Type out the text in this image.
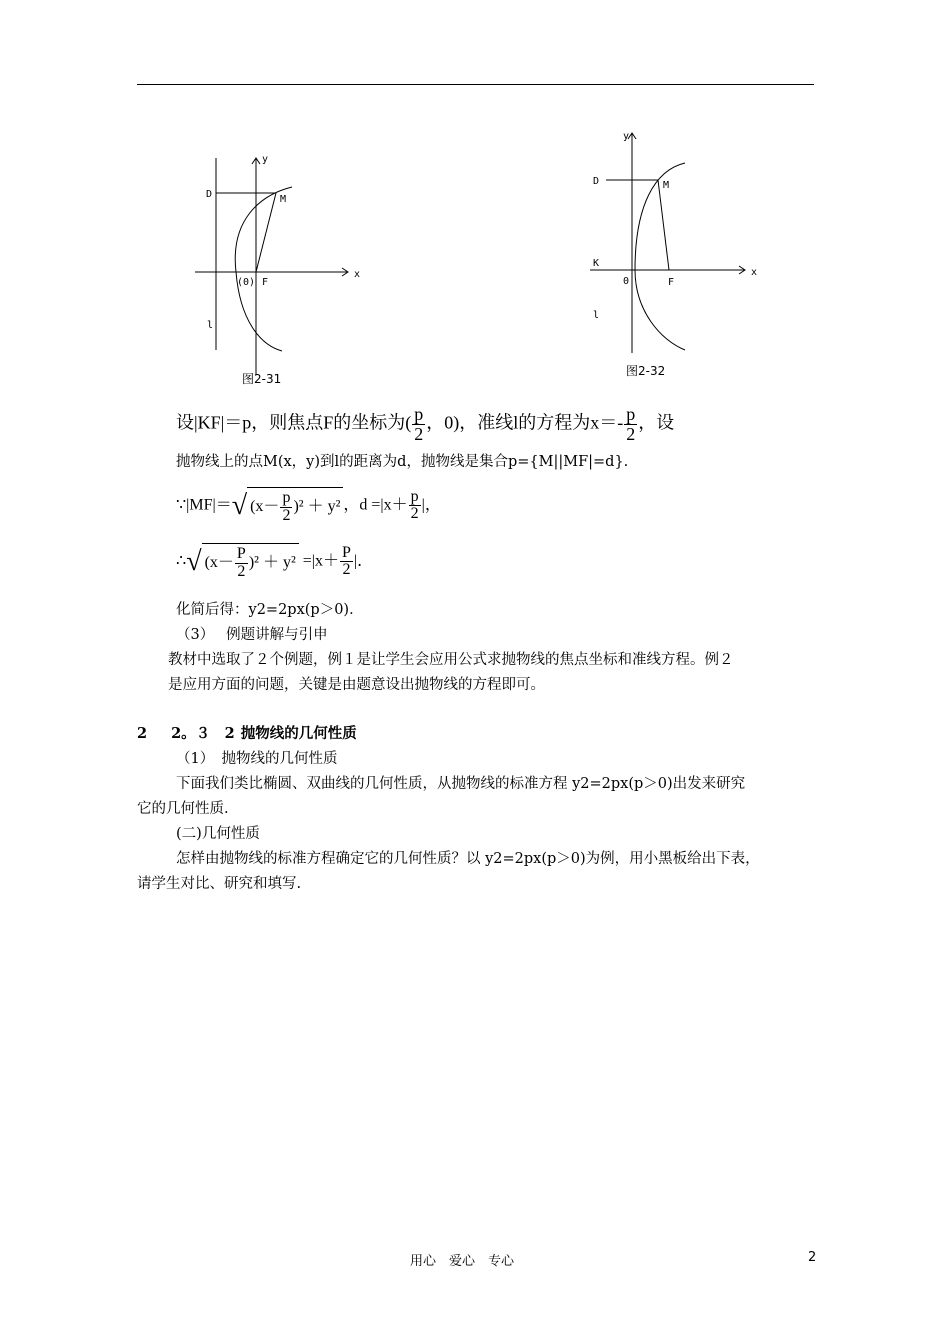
D	M
y
x
(0) F
l
图2-31
y
D	M
K
0	F
x
l
图2-32
设|KF|＝p，则焦点F的坐标为( $\frac{p}{2}$ ，0)，准线l的方程为$x=- \frac{p}{2}$ ，设
抛物线上的点M(x，y)到l的距离为d，抛物线是集合p={M||MF|=d}.
∵|MF|＝√ $(x- \frac{p}{2} )^2 + y^2$ ，$d =|x+ \frac{p}{2}$ |，
∴√ $(x- \frac{P}{2} )^2 + y^2 =|x+ \frac{P}{2}$ |．
化简后得：y2=2px(p＞0)．
（3）　 例题讲解与引申
教材中选取了２个例题，例１是让学生会应用公式求抛物线的焦点坐标和准线方程。例２
是应用方面的问题，关键是由题意设出抛物线的方程即可。
2 2。３　2 抛物线的几何性质
（1）　抛物线的几何性质
下面我们类比椭圆、双曲线的几何性质，从抛物线的标准方程 y2=2px(p＞0)出发来研究
它的几何性质.
(二)几何性质
怎样由抛物线的标准方程确定它的几何性质？以 y2=2px(p＞0)为例，用小黑板给出下表，
请学生对比、研究和填写.
用心　爱心　专心	2
